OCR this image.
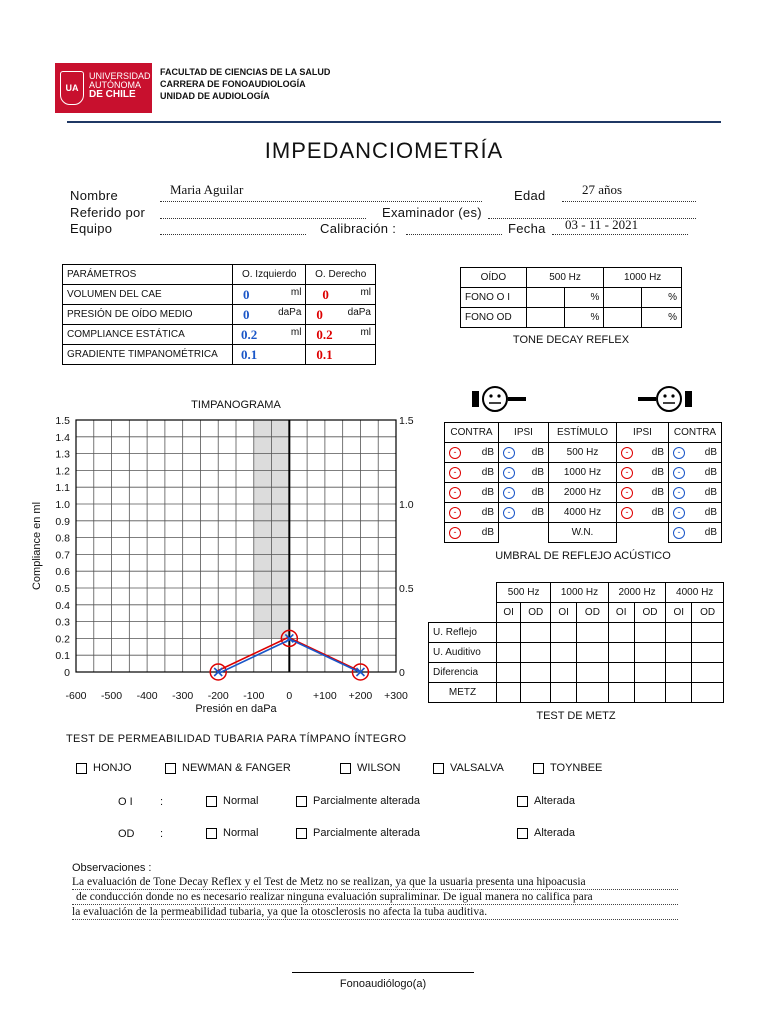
UA
UNIVERSIDAD
AUTÓNOMA
DE CHILE
FACULTAD DE CIENCIAS DE LA SALUD
CARRERA DE FONOAUDIOLOGÍA
UNIDAD DE AUDIOLOGÍA
IMPEDANCIOMETRÍA
Nombre	Maria Aguilar	Edad	27 años
Referido por	Examinador (es)
Equipo	Calibración :	Fecha 03 - 11 - 2021
PARÁMETROS	O. Izquierdo	O. Derecho
VOLUMEN DEL CAE	0 ml	0 ml

PRESIÓN DE OÍDO MEDIO	0 daPa	0 daPa

COMPLIANCE ESTÁTICA	0.2 ml	0.2 ml

GRADIENTE TIMPANOMÉTRICA	0.1	0.1
OÍDO	500 Hz		1000 Hz	
FONO O I		%		%
FONO OD		%		%
TONE DECAY REFLEX
CONTRA	IPSI	ESTÍMULO	IPSI	CONTRA
- dB	- dB	500 Hz	- dB	- dB

- dB	- dB	1000 Hz	- dB	- dB

- dB	- dB	2000 Hz	- dB	- dB

- dB	- dB	4000 Hz	- dB	- dB

- dB		W.N.		- dB
UMBRAL DE REFLEJO ACÚSTICO
	500 Hz		1000 Hz		2000 Hz		4000 Hz	
	OI	OD	OI	OD	OI	OD	OI	OD
U. Reflejo								
U. Auditivo								
Diferencia								
METZ								
TEST DE METZ
TIMPANOGRAMA
Presión en daPa
Compliance en ml
-600 -500 -400 -300 -200 -100 0 +100 +200 +300
0
0.1
0.2
0.3
0.4
0.5
0.6
0.7
0.8
0.9
1.0
1.1
1.2
1.3
1.4
1.5
0
0.5
1.0
1.5
TEST DE PERMEABILIDAD TUBARIA PARA TÍMPANO ÍNTEGRO
HONJO	NEWMAN & FANGER	WILSON	VALSALVA	TOYNBEE
O I :	Normal	Parcialmente alterada	Alterada
OD :	Normal	Parcialmente alterada	Alterada
Observaciones :
La evaluación de Tone Decay Reflex y el Test de Metz no se realizan, ya que la usuaria presenta una hipoacusia
de conducción donde no es necesario realizar ninguna evaluación supraliminar. De igual manera no califica para
la evaluación de la permeabilidad tubaria, ya que la otosclerosis no afecta la tuba auditiva.
Fonoaudiólogo(a)
